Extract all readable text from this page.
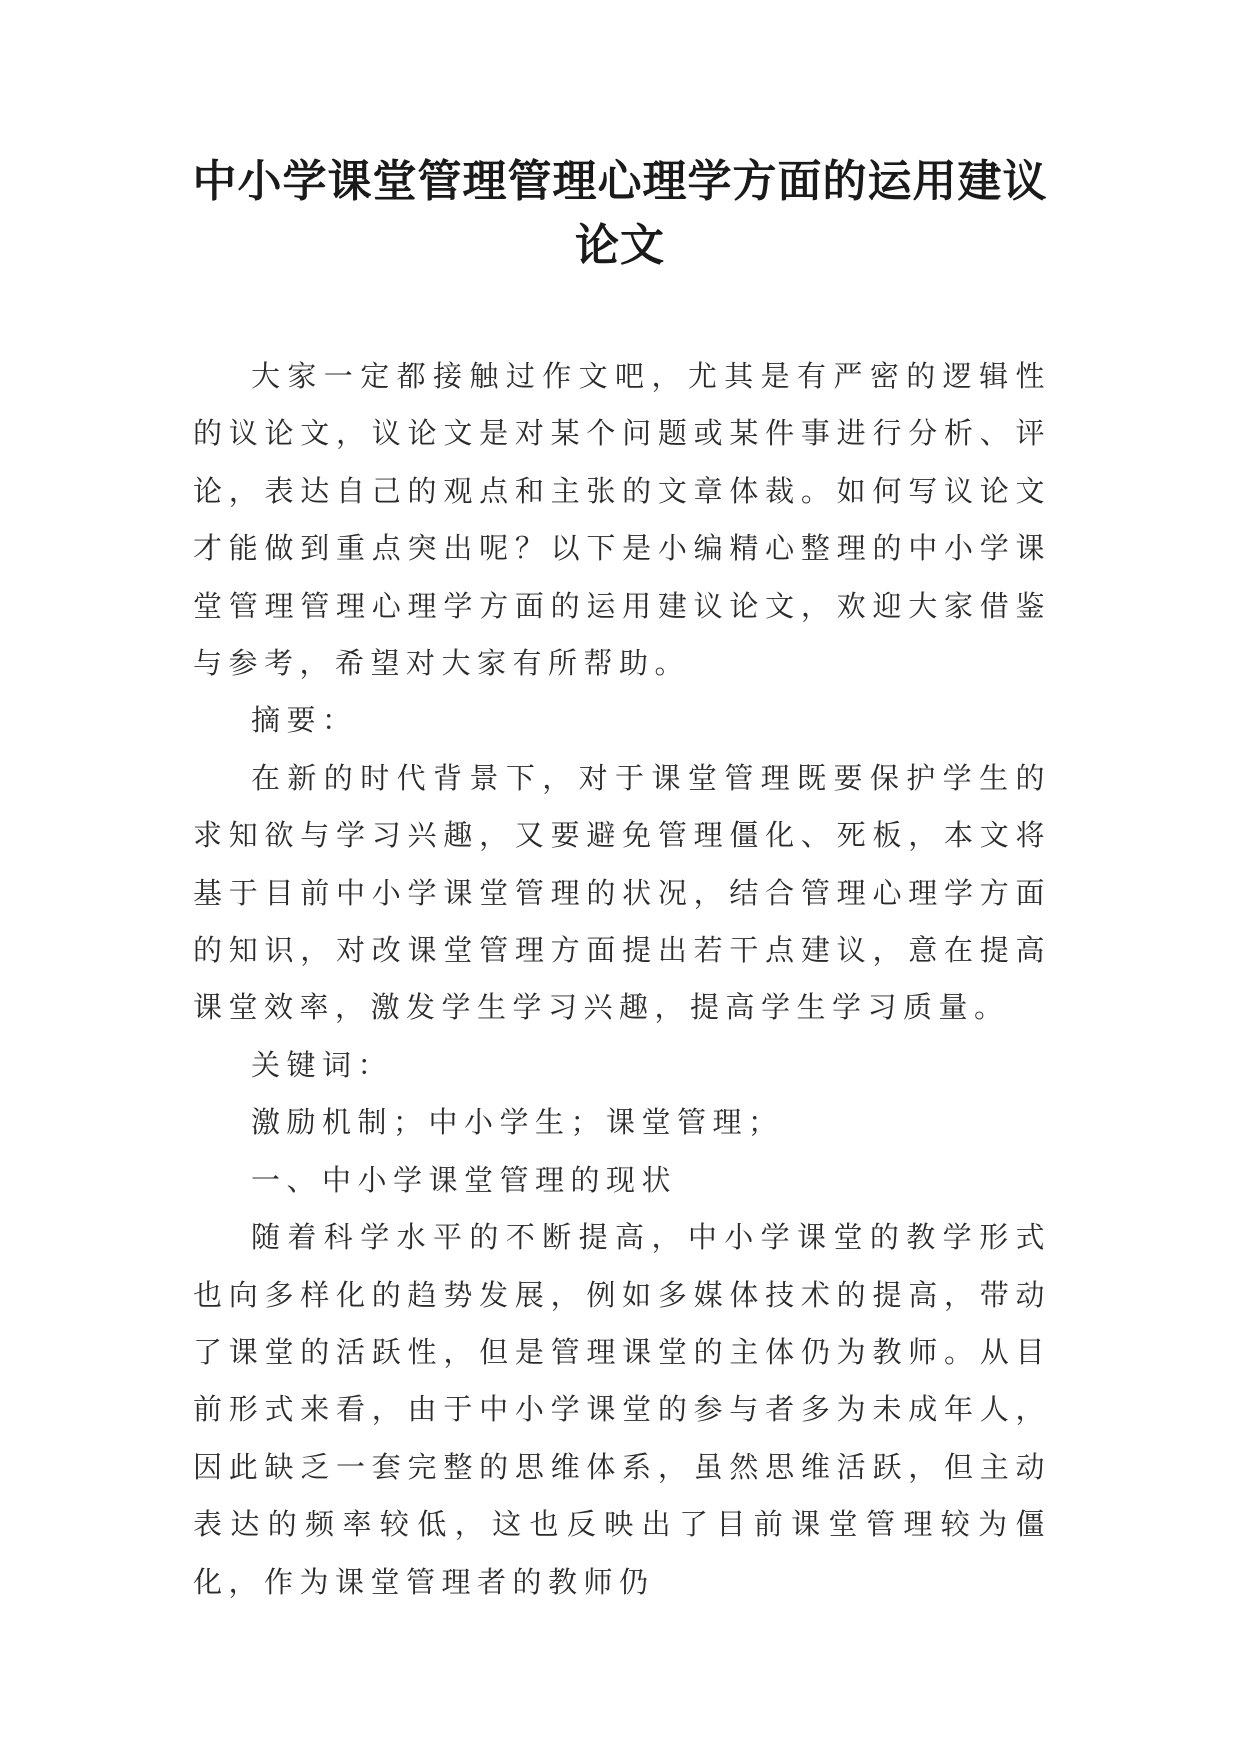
中小学课堂管理管理心理学方面的运用建议论文

大家一定都接触过作文吧，尤其是有严密的逻辑性的议论文，议论文是对某个问题或某件事进行分析、评论，表达自己的观点和主张的文章体裁。如何写议论文才能做到重点突出呢？以下是小编精心整理的中小学课堂管理管理心理学方面的运用建议论文，欢迎大家借鉴与参考，希望对大家有所帮助。

摘要：

在新的时代背景下，对于课堂管理既要保护学生的求知欲与学习兴趣，又要避免管理僵化、死板，本文将基于目前中小学课堂管理的状况，结合管理心理学方面的知识，对改课堂管理方面提出若干点建议，意在提高课堂效率，激发学生学习兴趣，提高学生学习质量。

关键词：

激励机制；中小学生；课堂管理；

一、中小学课堂管理的现状

随着科学水平的不断提高，中小学课堂的教学形式也向多样化的趋势发展，例如多媒体技术的提高，带动了课堂的活跃性，但是管理课堂的主体仍为教师。从目前形式来看，由于中小学课堂的参与者多为未成年人，因此缺乏一套完整的思维体系，虽然思维活跃，但主动表达的频率较低，这也反映出了目前课堂管理较为僵化，作为课堂管理者的教师仍
